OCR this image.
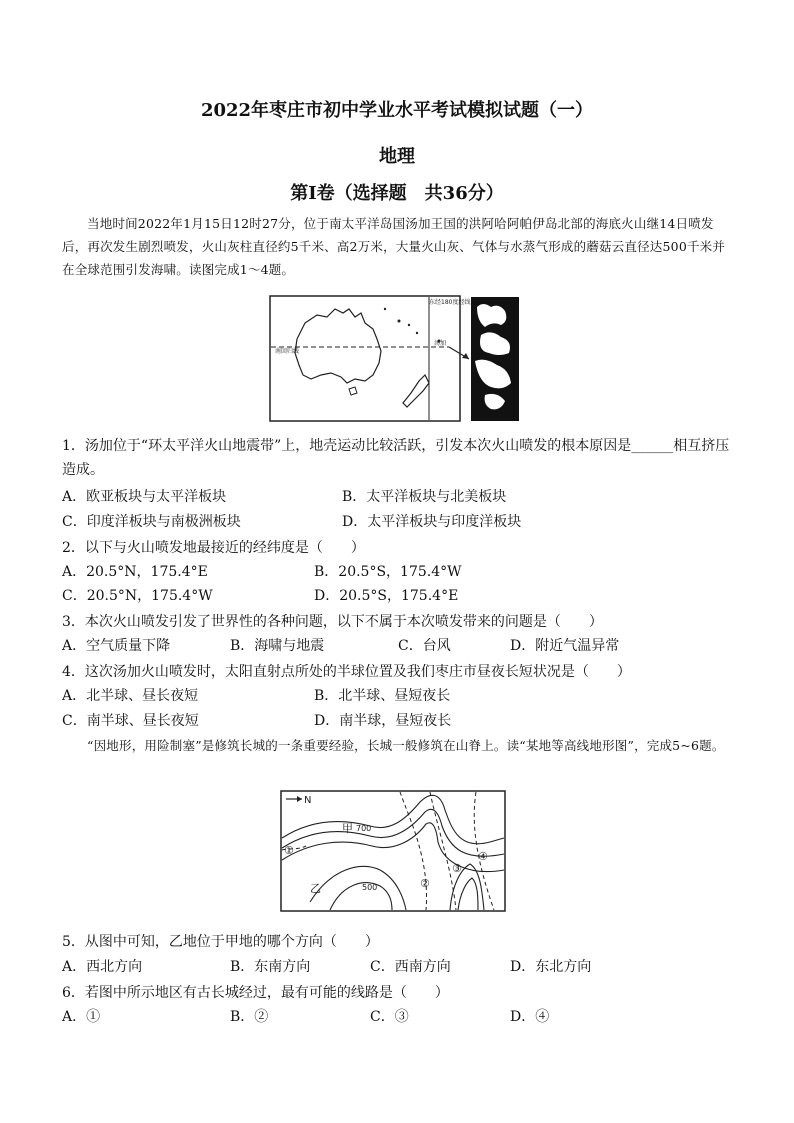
2022年枣庄市初中学业水平考试模拟试题（一）
地理
第I卷（选择题　共36分）
当地时间2022年1月15日12时27分，位于南太平洋岛国汤加王国的洪阿哈阿帕伊岛北部的海底火山继14日喷发后，再次发生剧烈喷发，火山灰柱直径约5千米、高2万米，大量火山灰、气体与水蒸气形成的蘑菇云直径达500千米并在全球范围引发海啸。读图完成1～4题。
东经180度经线
南回归线
汤加
1．汤加位于“环太平洋火山地震带”上，地壳运动比较活跃，引发本次火山喷发的根本原因是______相互挤压造成。
A．欧亚板块与太平洋板块	B．太平洋板块与北美板块
C．印度洋板块与南极洲板块	D．太平洋板块与印度洋板块
2．以下与火山喷发地最接近的经纬度是（　　）
A．20.5°N，175.4°E	B．20.5°S，175.4°W
C．20.5°N，175.4°W	D．20.5°S，175.4°E
3．本次火山喷发引发了世界性的各种问题，以下不属于本次喷发带来的问题是（　　）
A．空气质量下降	B．海啸与地震	C．台风	D．附近气温异常
4．这次汤加火山喷发时，太阳直射点所处的半球位置及我们枣庄市昼夜长短状况是（　　）
A．北半球、昼长夜短	B．北半球、昼短夜长
C．南半球、昼长夜短	D．南半球，昼短夜长
“因地形，用险制塞”是修筑长城的一条重要经验，长城一般修筑在山脊上。读“某地等高线地形图”，完成5~6题。
N
甲 700
乙	500
①
②
③
④
5．从图中可知，乙地位于甲地的哪个方向（　　）
A．西北方向	B．东南方向	C．西南方向	D．东北方向
6．若图中所示地区有古长城经过，最有可能的线路是（　　）
A．①	B．②	C．③	D．④
